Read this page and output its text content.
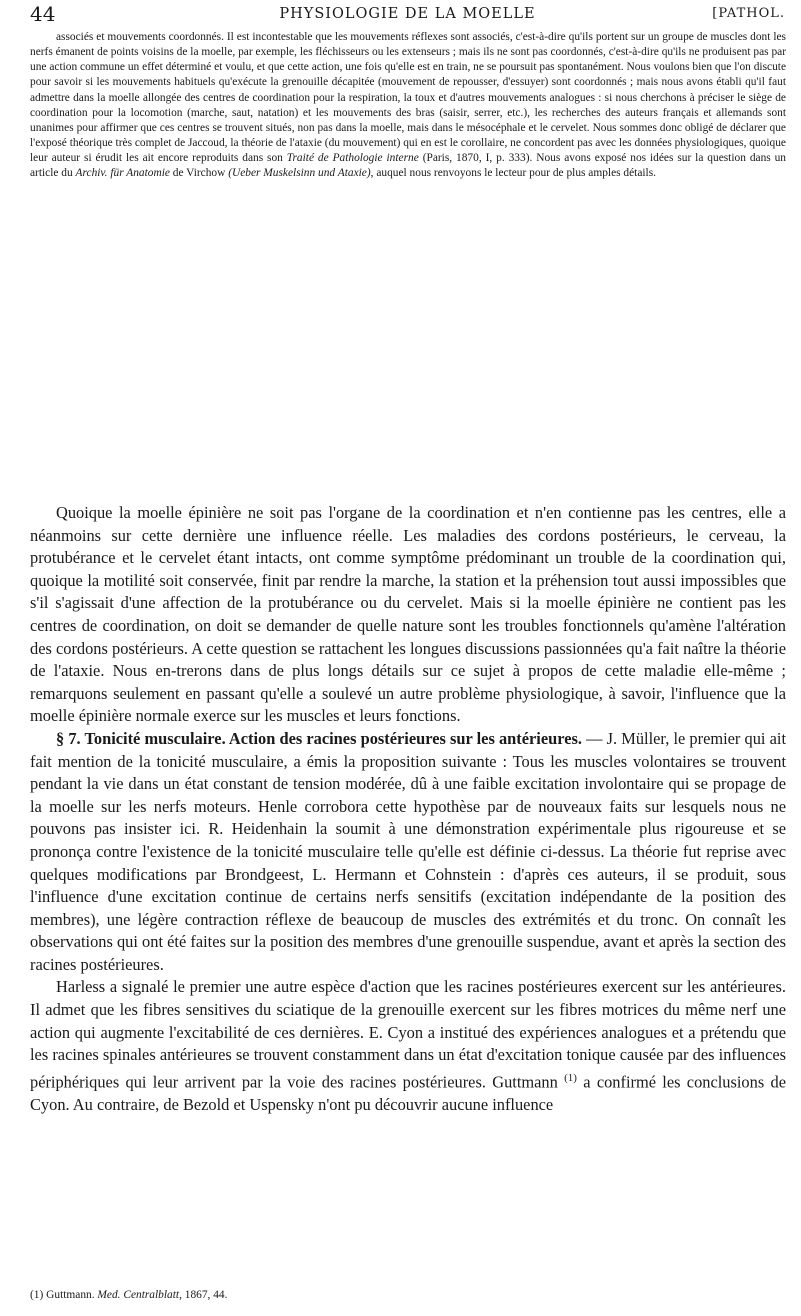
44	PHYSIOLOGIE DE LA MOELLE	[PATHOL.

associés et mouvements coordonnés. Il est incontestable que les mouvements réflexes sont associés, c'est-à-dire qu'ils portent sur un groupe de muscles dont les nerfs émanent de points voisins de la moelle, par exemple, les fléchisseurs ou les extenseurs ; mais ils ne sont pas coordonnés, c'est-à-dire qu'ils ne produisent pas par une action commune un effet déterminé et voulu, et que cette action, une fois qu'elle est en train, ne se poursuit pas spontanément. Nous voulons bien que l'on discute pour savoir si les mouvements habituels qu'exécute la grenouille décapitée (mouvement de repousser, d'essuyer) sont coordonnés ; mais nous avons établi qu'il faut admettre dans la moelle allongée des centres de coordination pour la respiration, la toux et d'autres mouvements analogues : si nous cherchons à préciser le siège de coordination pour la locomotion (marche, saut, natation) et les mouvements des bras (saisir, serrer, etc.), les recherches des auteurs français et allemands sont unanimes pour affirmer que ces centres se trouvent situés, non pas dans la moelle, mais dans le mésocéphale et le cervelet. Nous sommes donc obligé de déclarer que l'exposé théorique très complet de Jaccoud, la théorie de l'ataxie (du mouvement) qui en est le corollaire, ne concordent pas avec les données physiologiques, quoique leur auteur si érudit les ait encore reproduits dans son Traité de Pathologie interne (Paris, 1870, I, p. 333). Nous avons exposé nos idées sur la question dans un article du Archiv. für Anatomie de Virchow (Ueber Muskelsinn und Ataxie), auquel nous renvoyons le lecteur pour de plus amples détails.

Quoique la moelle épinière ne soit pas l'organe de la coordination et n'en contienne pas les centres, elle a néanmoins sur cette dernière une influence réelle. Les maladies des cordons postérieurs, le cerveau, la protubérance et le cervelet étant intacts, ont comme symptôme prédominant un trouble de la coordination qui, quoique la motilité soit conservée, finit par rendre la marche, la station et la préhension tout aussi impossibles que s'il s'agissait d'une affection de la protubérance ou du cervelet. Mais si la moelle épinière ne contient pas les centres de coordination, on doit se demander de quelle nature sont les troubles fonctionnels qu'amène l'altération des cordons postérieurs. A cette question se rattachent les longues discussions passionnées qu'a fait naître la théorie de l'ataxie. Nous en-trerons dans de plus longs détails sur ce sujet à propos de cette maladie elle-même ; remarquons seulement en passant qu'elle a soulevé un autre problème physiologique, à savoir, l'influence que la moelle épinière normale exerce sur les muscles et leurs fonctions.

§ 7. Tonicité musculaire. Action des racines postérieures sur les antérieures. — J. Müller, le premier qui ait fait mention de la tonicité musculaire, a émis la proposition suivante : Tous les muscles volontaires se trouvent pendant la vie dans un état constant de tension modérée, dû à une faible excitation involontaire qui se propage de la moelle sur les nerfs moteurs. Henle corrobora cette hypothèse par de nouveaux faits sur lesquels nous ne pouvons pas insister ici. R. Heidenhain la soumit à une démonstration expérimentale plus rigoureuse et se prononça contre l'existence de la tonicité musculaire telle qu'elle est définie ci-dessus. La théorie fut reprise avec quelques modifications par Brondgeest, L. Hermann et Cohnstein : d'après ces auteurs, il se produit, sous l'influence d'une excitation continue de certains nerfs sensitifs (excitation indépendante de la position des membres), une légère contraction réflexe de beaucoup de muscles des extrémités et du tronc. On connaît les observations qui ont été faites sur la position des membres d'une grenouille suspendue, avant et après la section des racines postérieures.

Harless a signalé le premier une autre espèce d'action que les racines postérieures exercent sur les antérieures. Il admet que les fibres sensitives du sciatique de la grenouille exercent sur les fibres motrices du même nerf une action qui augmente l'excitabilité de ces dernières. E. Cyon a institué des expériences analogues et a prétendu que les racines spinales antérieures se trouvent constamment dans un état d'excitation tonique causée par des influences périphériques qui leur arrivent par la voie des racines postérieures. Guttmann $^{(1)}$ a confirmé les conclusions de Cyon. Au contraire, de Bezold et Uspensky n'ont pu découvrir aucune influence

(1) Guttmann. Med. Centralblatt, 1867, 44.
